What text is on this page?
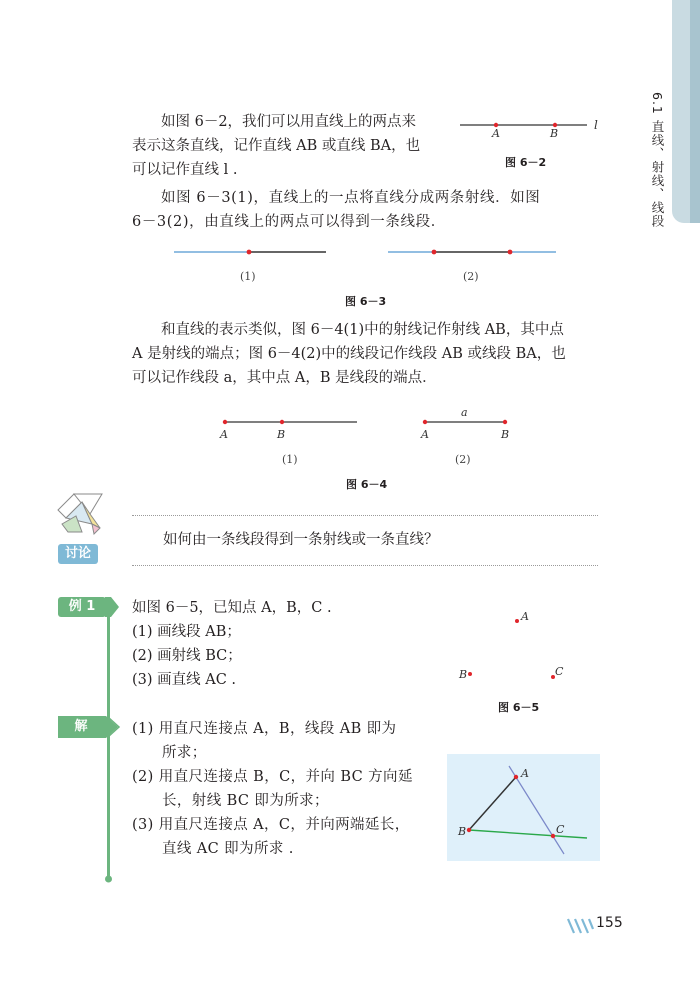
6.1 直线、射线、线段

如图 6－2，我们可以用直线上的两点来

表示这条直线，记作直线 AB 或直线 BA，也

可以记作直线 l .

A	B
l
图 6－2

如图 6－3(1)，直线上的一点将直线分成两条射线．如图

6－3(2)，由直线上的两点可以得到一条线段．

(1)	(2)
图 6－3

和直线的表示类似，图 6－4(1)中的射线记作射线 AB，其中点

A 是射线的端点；图 6－4(2)中的线段记作线段 AB 或线段 BA，也

可以记作线段 a，其中点 A，B 是线段的端点．

A	B	A	B
a
(1)	(2)
图 6－4
讨论
如何由一条线段得到一条射线或一条直线？
例 1	如图 6－5，已知点 A，B，C .

(1) 画线段 AB；

(2) 画射线 BC；

(3) 画直线 AC .

A
B	C
图 6－5
解	(1) 用直尺连接点 A，B，线段 AB 即为

所求；

(2) 用直尺连接点 B，C，并向 BC 方向延

长，射线 BC 即为所求；

(3) 用直尺连接点 A，C，并向两端延长，

直线 AC 即为所求 .

A
B	C
155
